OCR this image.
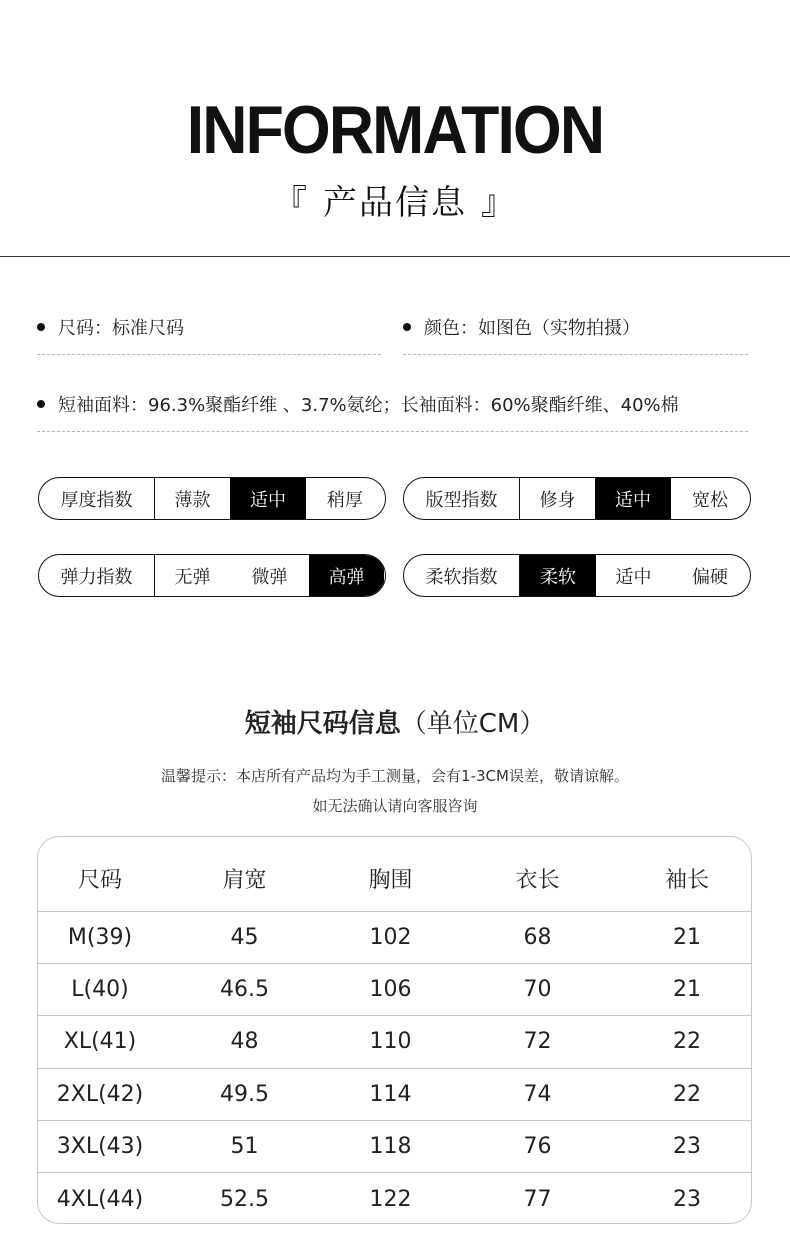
INFORMATION
『 产品信息 』
尺码：标准尺码	颜色：如图色（实物拍摄）
短袖面料：96.3%聚酯纤维 、3.7%氨纶；长袖面料：60%聚酯纤维、40%棉
厚度指数	薄款	适中	稍厚	版型指数	修身	适中	宽松
弹力指数	无弹	微弹	高弹	柔软指数	柔软	适中	偏硬
短袖尺码信息（单位CM）
温馨提示：本店所有产品均为手工测量，会有1-3CM误差，敬请谅解。
如无法确认请向客服咨询
尺码	肩宽	胸围	衣长	袖长
M(39)	45	102	68	21
L(40)	46.5	106	70	21
XL(41)	48	110	72	22
2XL(42)	49.5	114	74	22
3XL(43)	51	118	76	23
4XL(44)	52.5	122	77	23
